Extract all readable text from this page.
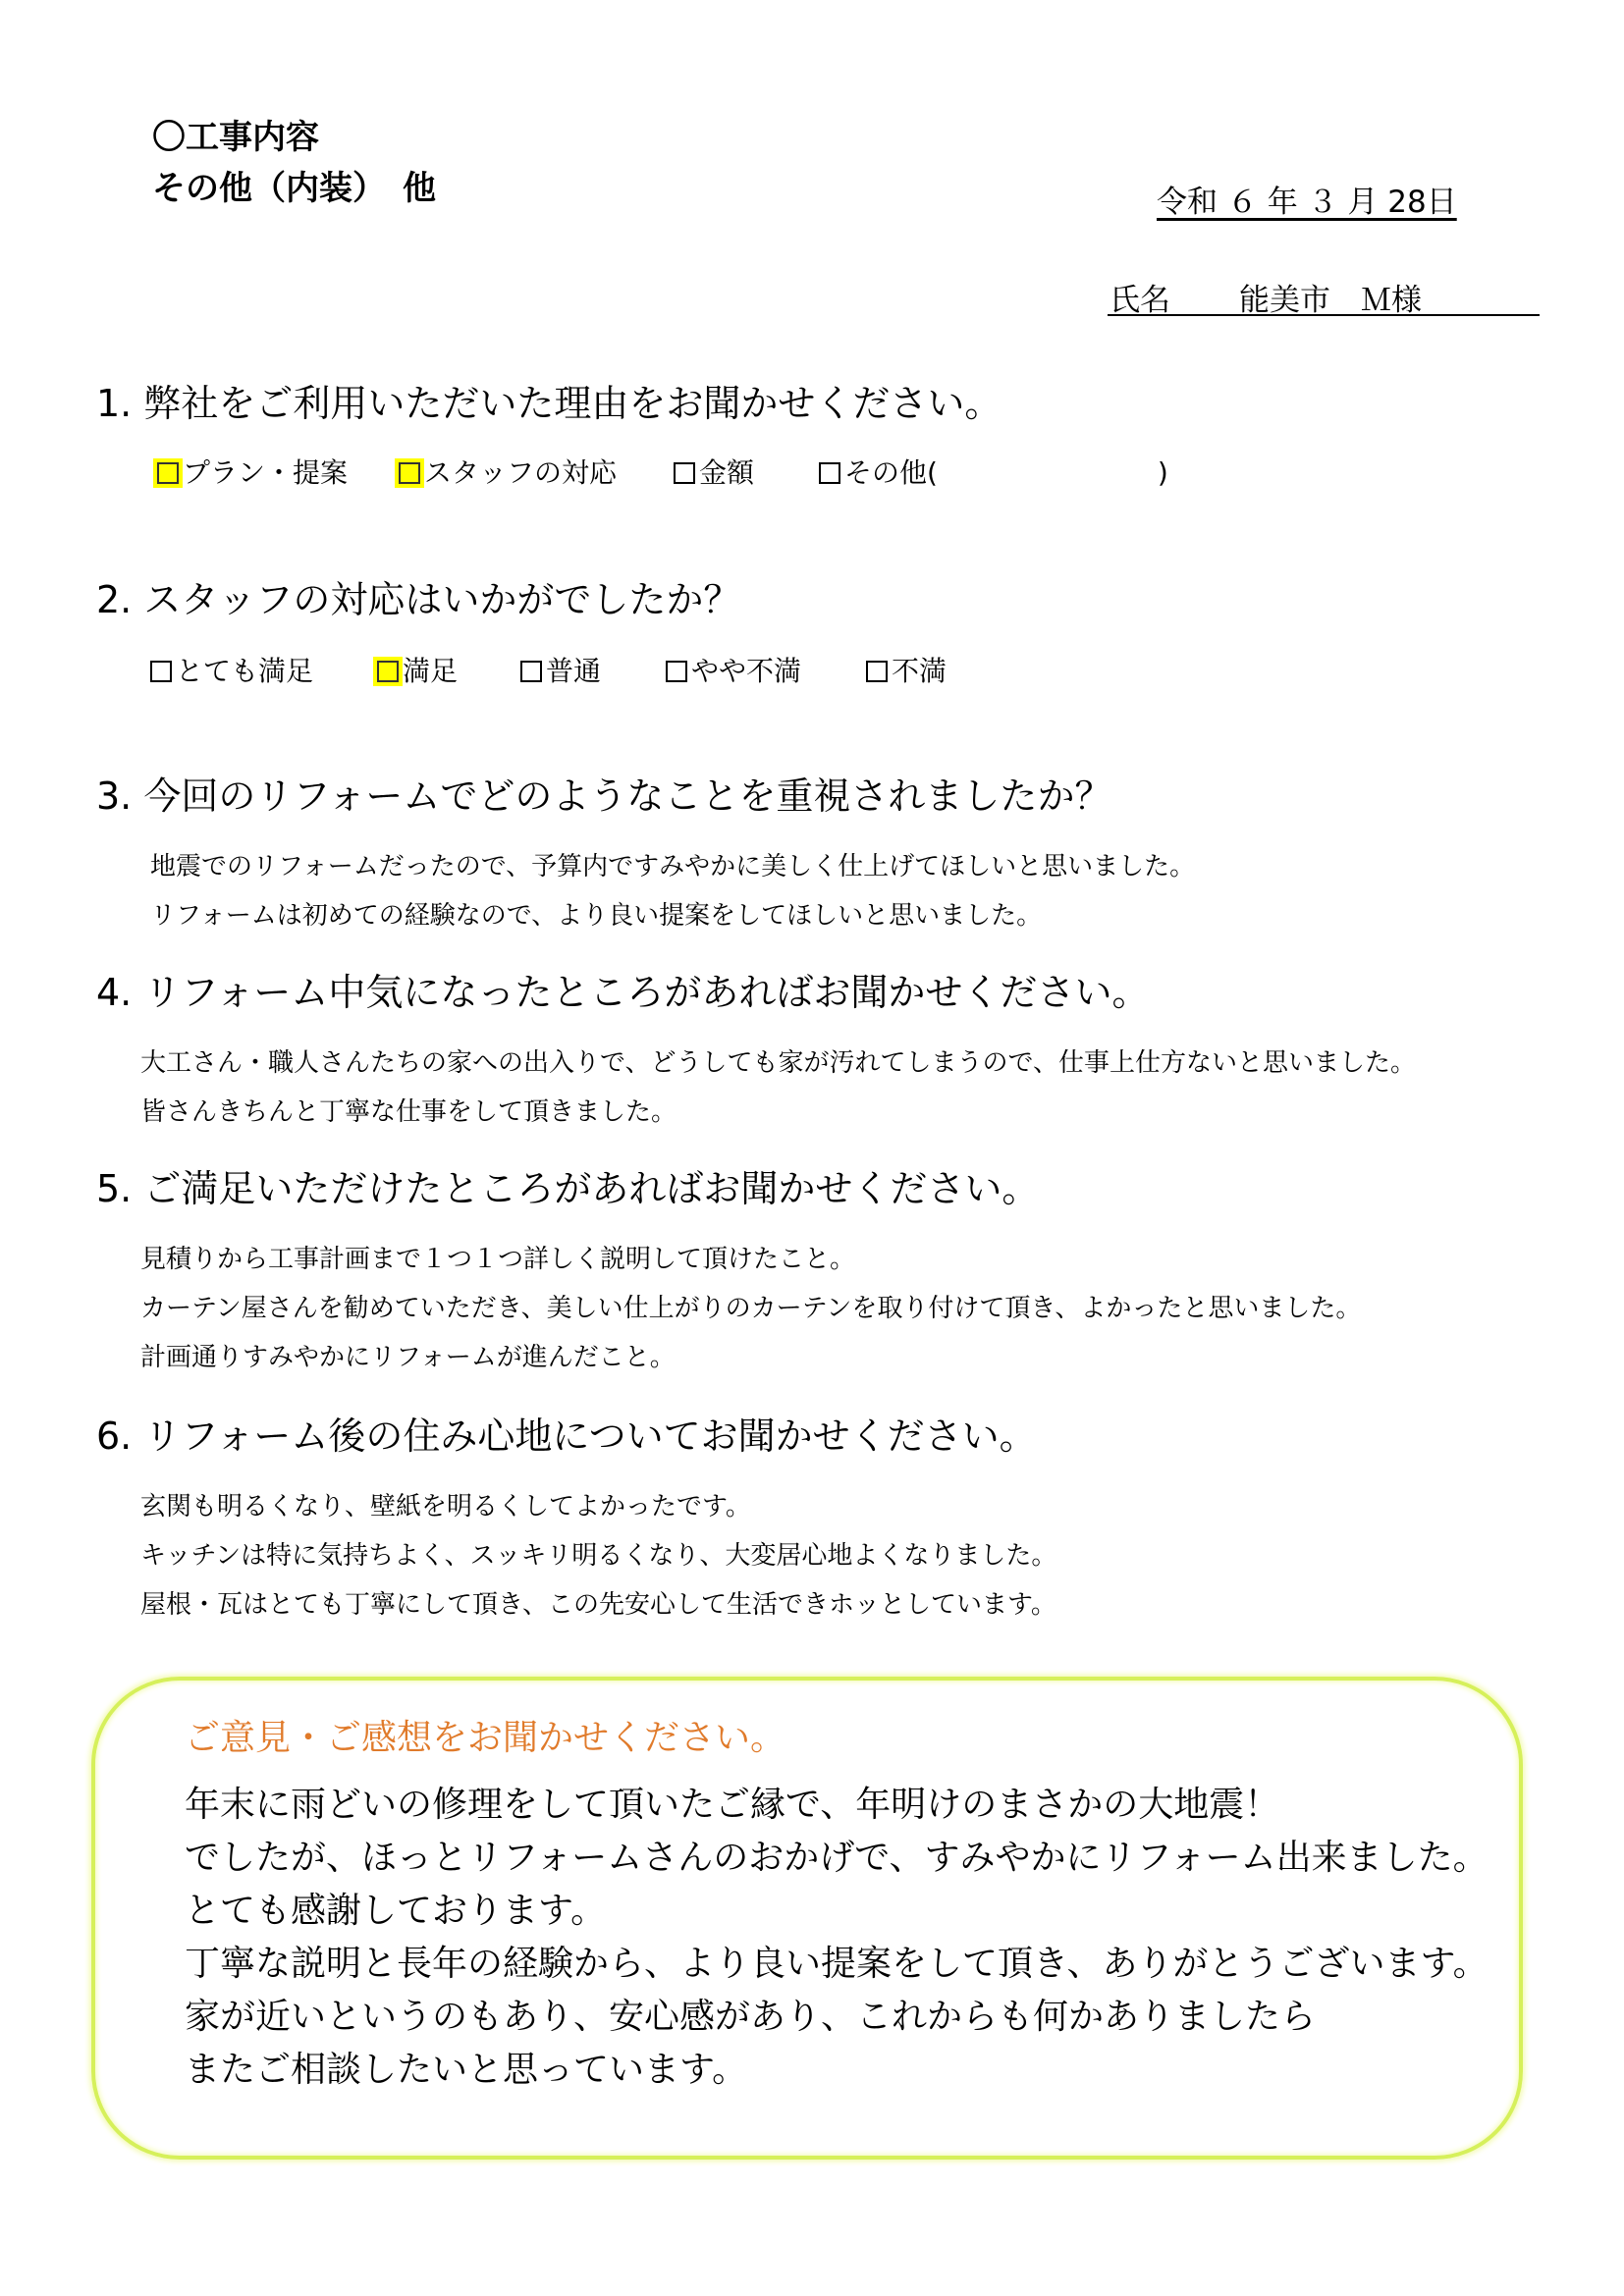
〇工事内容
その他（内装）　他	令和 ６ 年 ３ 月 28日
氏名 能美市　Ｍ様
1. 弊社をご利用いただいた理由をお聞かせください。
プラン・提案	スタッフの対応	金額	その他(　　　　　　　　)
2. スタッフの対応はいかがでしたか？
とても満足	満足	普通	やや不満	不満
3. 今回のリフォームでどのようなことを重視されましたか？
地震でのリフォームだったので、予算内ですみやかに美しく仕上げてほしいと思いました。
リフォームは初めての経験なので、より良い提案をしてほしいと思いました。
4. リフォーム中気になったところがあればお聞かせください。
大工さん・職人さんたちの家への出入りで、どうしても家が汚れてしまうので、仕事上仕方ないと思いました。
皆さんきちんと丁寧な仕事をして頂きました。
5. ご満足いただけたところがあればお聞かせください。
見積りから工事計画まで１つ１つ詳しく説明して頂けたこと。
カーテン屋さんを勧めていただき、美しい仕上がりのカーテンを取り付けて頂き、よかったと思いました。
計画通りすみやかにリフォームが進んだこと。
6. リフォーム後の住み心地についてお聞かせください。
玄関も明るくなり、壁紙を明るくしてよかったです。
キッチンは特に気持ちよく、スッキリ明るくなり、大変居心地よくなりました。
屋根・瓦はとても丁寧にして頂き、この先安心して生活できホッとしています。
ご意見・ご感想をお聞かせください。
年末に雨どいの修理をして頂いたご縁で、年明けのまさかの大地震！
でしたが、ほっとリフォームさんのおかげで、すみやかにリフォーム出来ました。
とても感謝しております。
丁寧な説明と長年の経験から、より良い提案をして頂き、ありがとうございます。
家が近いというのもあり、安心感があり、これからも何かありましたら
またご相談したいと思っています。
